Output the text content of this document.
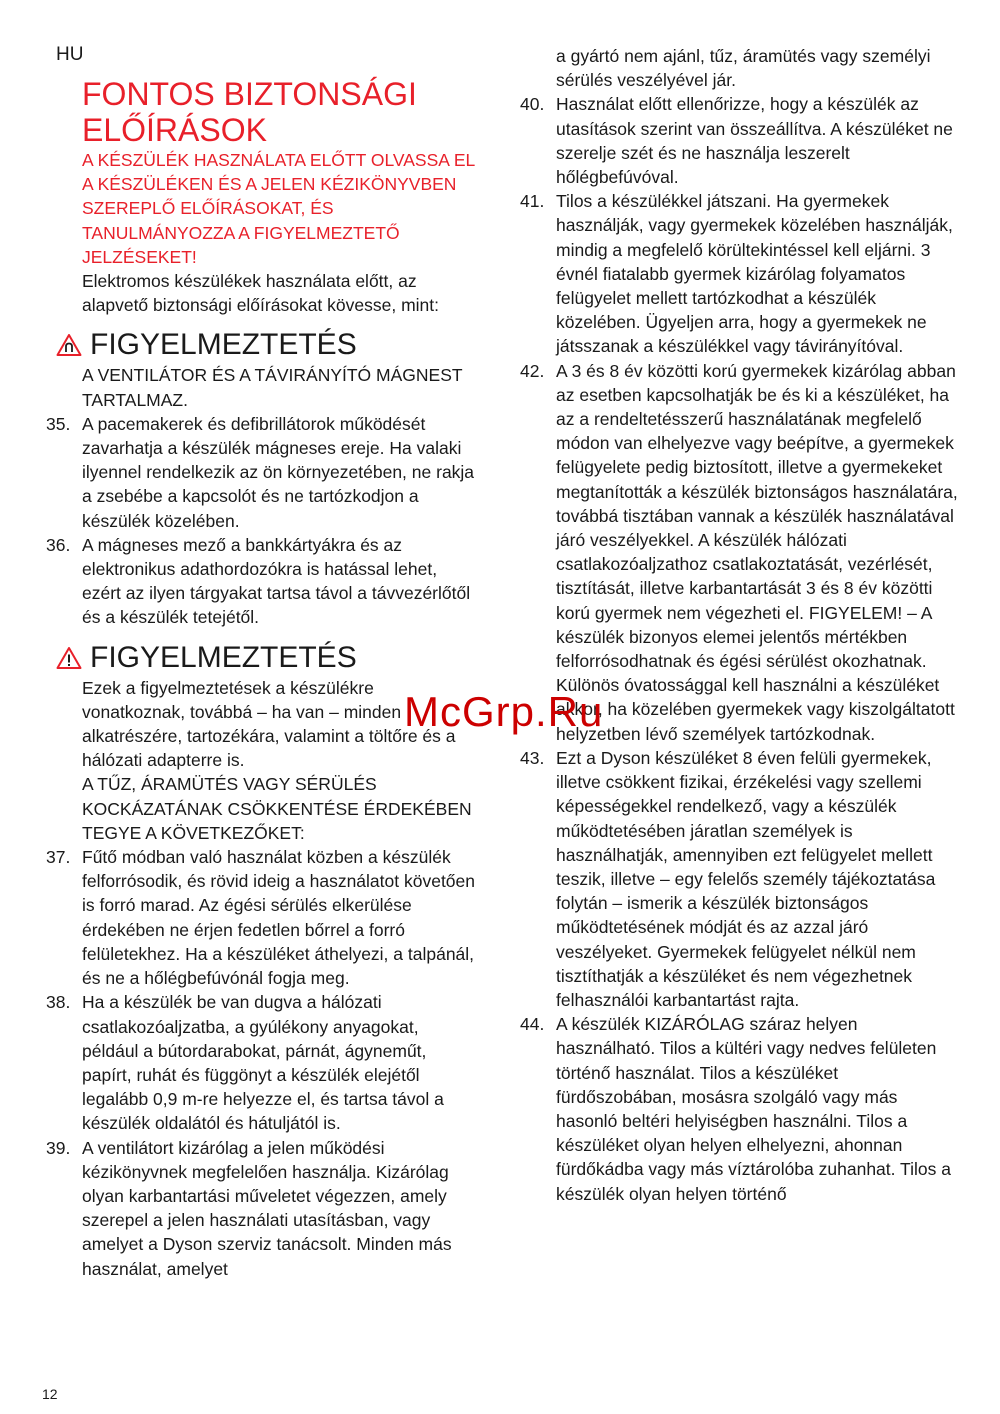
HU
FONTOS BIZTONSÁGI
ELŐÍRÁSOK

A KÉSZÜLÉK HASZNÁLATA ELŐTT OLVASSA EL A KÉSZÜLÉKEN ÉS A JELEN KÉZIKÖNYVBEN SZEREPLŐ ELŐÍRÁSOKAT, ÉS TANULMÁNYOZZA A FIGYELMEZTETŐ JELZÉSEKET!

Elektromos készülékek használata előtt, az alapvető biztonsági előírásokat kövesse, mint:

FIGYELMEZTETÉS

A VENTILÁTOR ÉS A TÁVIRÁNYÍTÓ MÁGNEST TARTALMAZ.

35. A pacemakerek és defibrillátorok működését zavarhatja a készülék mágneses ereje. Ha valaki ilyennel rendelkezik az ön környezetében, ne rakja a zsebébe a kapcsolót és ne tartózkodjon a készülék közelében.
36. A mágneses mező a bankkártyákra és az elektronikus adathordozókra is hatással lehet, ezért az ilyen tárgyakat tartsa távol a távvezérlőtől és a készülék tetejétől.
FIGYELMEZTETÉS

Ezek a figyelmeztetések a készülékre vonatkoznak, továbbá – ha van – minden alkatrészére, tartozékára, valamint a töltőre és a hálózati adapterre is.

A TŰZ, ÁRAMÜTÉS VAGY SÉRÜLÉS KOCKÁZATÁNAK CSÖKKENTÉSE ÉRDEKÉBEN TEGYE A KÖVETKEZŐKET:

37. Fűtő módban való használat közben a készülék felforrósodik, és rövid ideig a használatot követően is forró marad. Az égési sérülés elkerülése érdekében ne érjen fedetlen bőrrel a forró felületekhez. Ha a készüléket áthelyezi, a talpánál, és ne a hőlégbefúvónál fogja meg.
38. Ha a készülék be van dugva a hálózati csatlakozóaljzatba, a gyúlékony anyagokat, például a bútordarabokat, párnát, ágyneműt, papírt, ruhát és függönyt a készülék elejétől legalább 0,9 m-re helyezze el, és tartsa távol a készülék oldalától és hátuljától is.
39. A ventilátort kizárólag a jelen működési kézikönyvnek megfelelően használja. Kizárólag olyan karbantartási műveletet végezzen, amely szerepel a jelen használati utasításban, vagy amelyet a Dyson szerviz tanácsolt. Minden más használat, amelyet
a gyártó nem ajánl, tűz, áramütés vagy személyi sérülés veszélyével jár.
40. Használat előtt ellenőrizze, hogy a készülék az utasítások szerint van összeállítva. A készüléket ne szerelje szét és ne használja leszerelt hőlégbefúvóval.
41. Tilos a készülékkel játszani. Ha gyermekek használják, vagy gyermekek közelében használják, mindig a megfelelő körültekintéssel kell eljárni. 3 évnél fiatalabb gyermek kizárólag folyamatos felügyelet mellett tartózkodhat a készülék közelében. Ügyeljen arra, hogy a gyermekek ne játsszanak a készülékkel vagy távirányítóval.
42. A 3 és 8 év közötti korú gyermekek kizárólag abban az esetben kapcsolhatják be és ki a készüléket, ha az a rendeltetésszerű használatának megfelelő módon van elhelyezve vagy beépítve, a gyermekek felügyelete pedig biztosított, illetve a gyermekeket megtanították a készülék biztonságos használatára, továbbá tisztában vannak a készülék használatával járó veszélyekkel. A készülék hálózati csatlakozóaljzathoz csatlakoztatását, vezérlését, tisztítását, illetve karbantartását 3 és 8 év közötti korú gyermek nem végezheti el. FIGYELEM! – A készülék bizonyos elemei jelentős mértékben felforrósodhatnak és égési sérülést okozhatnak. Különös óvatossággal kell használni a készüléket akkor, ha közelében gyermekek vagy kiszolgáltatott helyzetben lévő személyek tartózkodnak.
43. Ezt a Dyson készüléket 8 éven felüli gyermekek, illetve csökkent fizikai, érzékelési vagy szellemi képességekkel rendelkező, vagy a készülék működtetésében járatlan személyek is használhatják, amennyiben ezt felügyelet mellett teszik, illetve – egy felelős személy tájékoztatása folytán – ismerik a készülék biztonságos működtetésének módját és az azzal járó veszélyeket. Gyermekek felügyelet nélkül nem tisztíthatják a készüléket és nem végezhetnek felhasználói karbantartást rajta.
44. A készülék KIZÁRÓLAG száraz helyen használható. Tilos a kültéri vagy nedves felületen történő használat. Tilos a készüléket fürdőszobában, mosásra szolgáló vagy más hasonló beltéri helyiségben használni. Tilos a készüléket olyan helyen elhelyezni, ahonnan fürdőkádba vagy más víztárolóba zuhanhat. Tilos a készülék olyan helyen történő
McGrp.Ru
12
